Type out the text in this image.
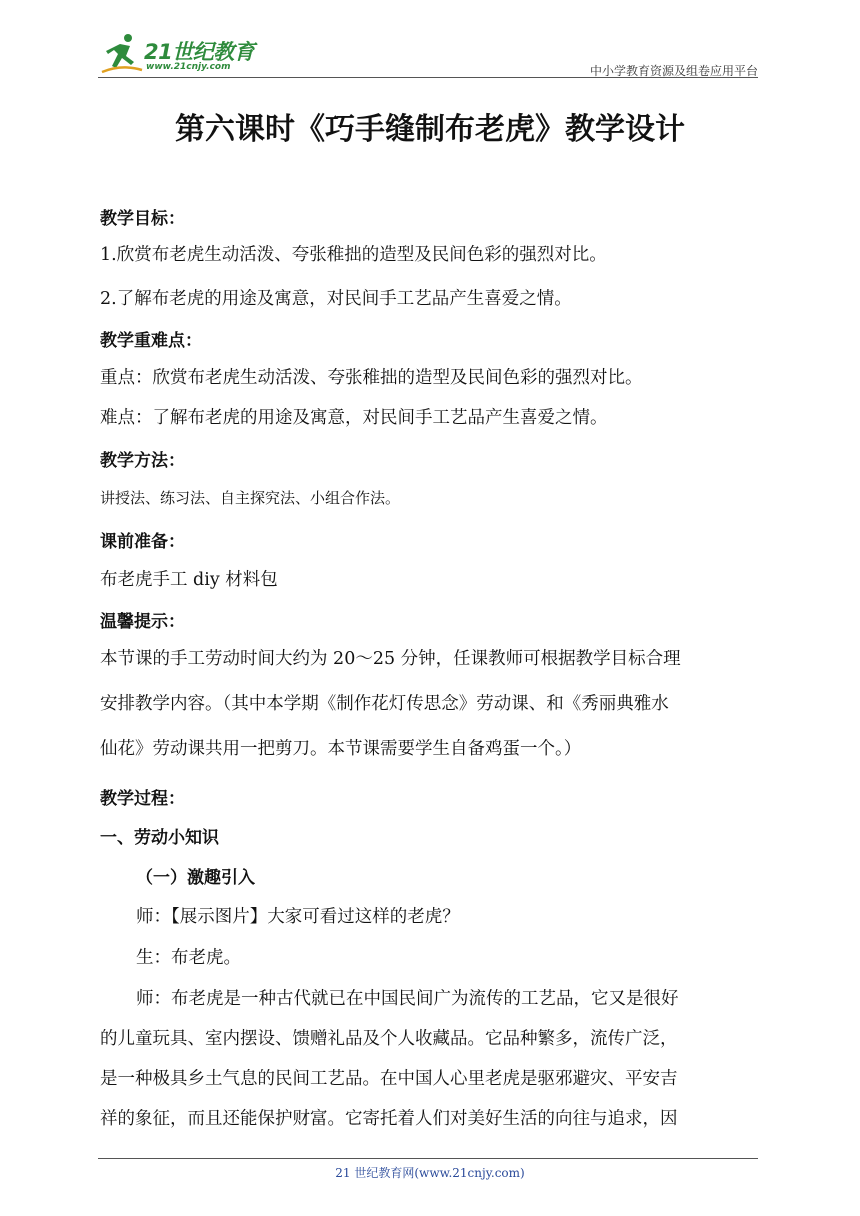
21世纪教育
www.21cnjy.com	中小学教育资源及组卷应用平台
第六课时《巧手缝制布老虎》教学设计
教学目标：
1.欣赏布老虎生动活泼、夸张稚拙的造型及民间色彩的强烈对比。
2.了解布老虎的用途及寓意，对民间手工艺品产生喜爱之情。
教学重难点：
重点：欣赏布老虎生动活泼、夸张稚拙的造型及民间色彩的强烈对比。
难点：了解布老虎的用途及寓意，对民间手工艺品产生喜爱之情。
教学方法：
讲授法、练习法、自主探究法、小组合作法。
课前准备：
布老虎手工 diy 材料包
温馨提示：
本节课的手工劳动时间大约为 20～25 分钟，任课教师可根据教学目标合理
安排教学内容。（其中本学期《制作花灯传思念》劳动课、和《秀丽典雅水
仙花》劳动课共用一把剪刀。本节课需要学生自备鸡蛋一个。）
教学过程：
一、劳动小知识
（一）激趣引入
师：【展示图片】大家可看过这样的老虎？
生：布老虎。
师：布老虎是一种古代就已在中国民间广为流传的工艺品，它又是很好
的儿童玩具、室内摆设、馈赠礼品及个人收藏品。它品种繁多，流传广泛，
是一种极具乡土气息的民间工艺品。在中国人心里老虎是驱邪避灾、平安吉
祥的象征，而且还能保护财富。它寄托着人们对美好生活的向往与追求，因
21 世纪教育网(www.21cnjy.com)
